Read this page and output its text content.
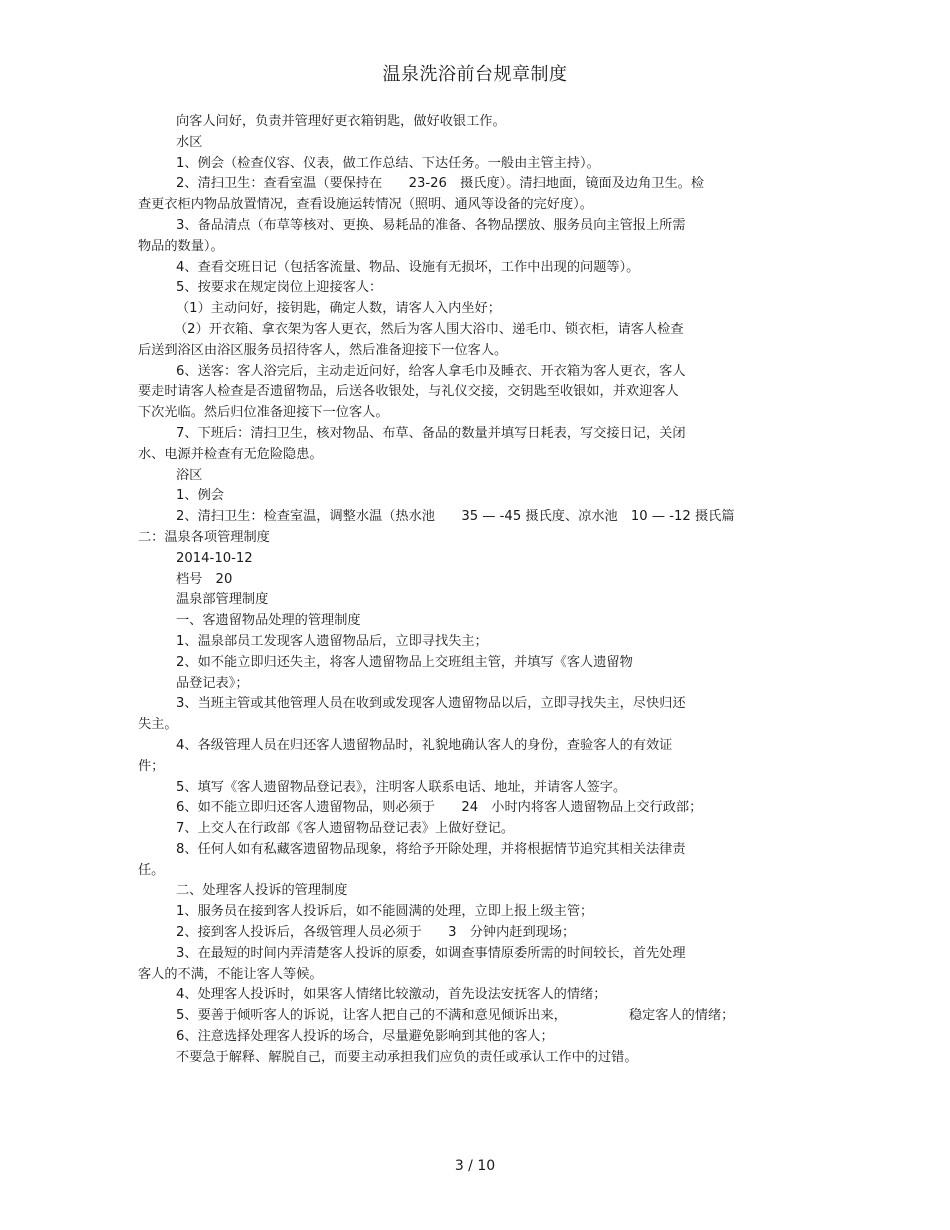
温泉洗浴前台规章制度
向客人问好，负责并管理好更衣箱钥匙，做好收银工作。
水区
1、例会（检查仪容、仪表，做工作总结、下达任务。一般由主管主持）。
2、清扫卫生：查看室温（要保持在　　23-26　摄氏度）。清扫地面，镜面及边角卫生。检
查更衣柜内物品放置情况，查看设施运转情况（照明、通风等设备的完好度）。
3、备品清点（布草等核对、更换、易耗品的准备、各物品摆放、服务员向主管报上所需
物品的数量）。
4、查看交班日记（包括客流量、物品、设施有无损坏，工作中出现的问题等）。
5、按要求在规定岗位上迎接客人：
（1）主动问好，接钥匙，确定人数，请客人入内坐好；
（2）开衣箱、拿衣架为客人更衣，然后为客人围大浴巾、递毛巾、锁衣柜，请客人检查
后送到浴区由浴区服务员招待客人，然后准备迎接下一位客人。
6、送客：客人浴完后，主动走近问好，给客人拿毛巾及睡衣、开衣箱为客人更衣，客人
要走时请客人检查是否遗留物品，后送各收银处，与礼仪交接，交钥匙至收银如，并欢迎客人
下次光临。然后归位准备迎接下一位客人。
7、下班后：清扫卫生，核对物品、布草、备品的数量并填写日耗表，写交接日记，关闭
水、电源并检查有无危险隐患。
浴区
1、例会
2、清扫卫生：检查室温，调整水温（热水池　　35 — -45 摄氏度、凉水池　10 — -12 摄氏篇
二：温泉各项管理制度
2014-10-12
档号　20
温泉部管理制度
一、客遗留物品处理的管理制度
1、温泉部员工发现客人遗留物品后，立即寻找失主；
2、如不能立即归还失主，将客人遗留物品上交班组主管，并填写《客人遗留物
品登记表》；
3、当班主管或其他管理人员在收到或发现客人遗留物品以后，立即寻找失主，尽快归还
失主。
4、各级管理人员在归还客人遗留物品时，礼貌地确认客人的身份，查验客人的有效证
件；
5、填写《客人遗留物品登记表》，注明客人联系电话、地址，并请客人签字。
6、如不能立即归还客人遗留物品，则必须于　　24　小时内将客人遗留物品上交行政部；
7、上交人在行政部《客人遗留物品登记表》上做好登记。
8、任何人如有私藏客遗留物品现象，将给予开除处理，并将根据情节追究其相关法律责
任。
二、处理客人投诉的管理制度
1、服务员在接到客人投诉后，如不能圆满的处理，立即上报上级主管；
2、接到客人投诉后，各级管理人员必须于　　3　分钟内赶到现场；
3、在最短的时间内弄清楚客人投诉的原委，如调查事情原委所需的时间较长，首先处理
客人的不满，不能让客人等候。
4、处理客人投诉时，如果客人情绪比较激动，首先设法安抚客人的情绪；
5、要善于倾听客人的诉说，让客人把自己的不满和意见倾诉出来，	稳定客人的情绪；
6、注意选择处理客人投诉的场合，尽量避免影响到其他的客人；
不要急于解释、解脱自己，而要主动承担我们应负的责任或承认工作中的过错。
3 / 10
